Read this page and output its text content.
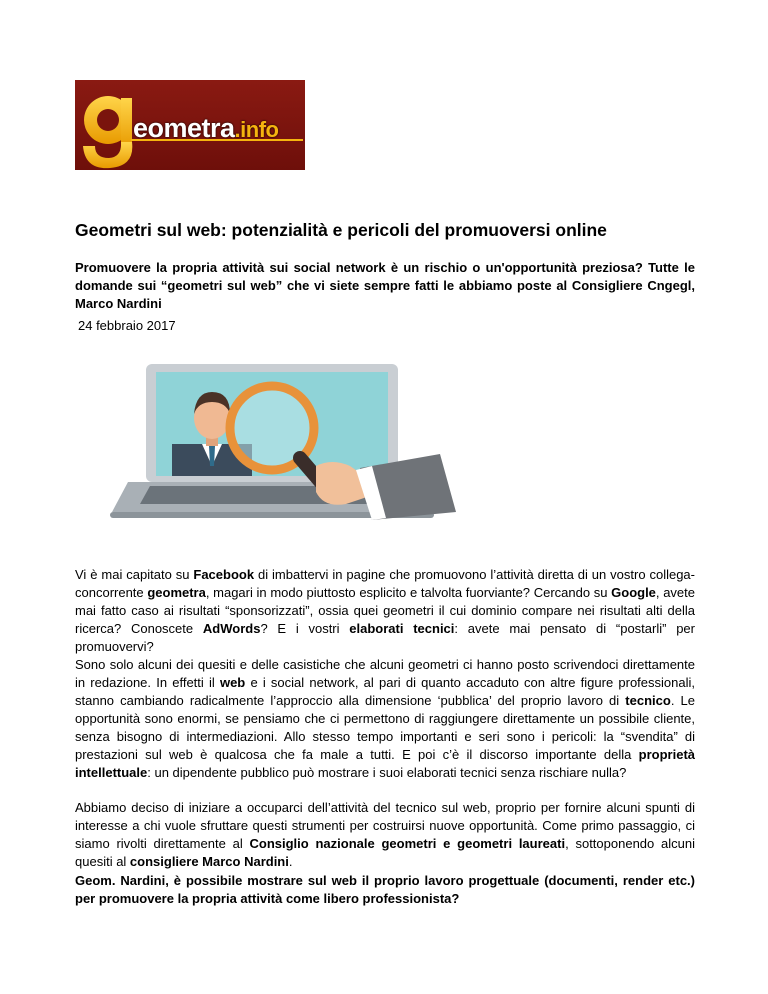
eometra.info
Geometri sul web: potenzialità e pericoli del promuoversi online

Promuovere la propria attività sui social network è un rischio o un'opportunità preziosa? Tutte le domande sui “geometri sul web” che vi siete sempre fatti le abbiamo poste al Consigliere Cngegl, Marco Nardini

24 febbraio 2017

Vi è mai capitato su Facebook di imbattervi in pagine che promuovono l’attività diretta di un vostro collega-concorrente geometra, magari in modo piuttosto esplicito e talvolta fuorviante? Cercando su Google, avete mai fatto caso ai risultati “sponsorizzati”, ossia quei geometri il cui dominio compare nei risultati alti della ricerca? Conoscete AdWords? E i vostri elaborati tecnici: avete mai pensato di “postarli” per promuovervi?

Sono solo alcuni dei quesiti e delle casistiche che alcuni geometri ci hanno posto scrivendoci direttamente in redazione. In effetti il web e i social network, al pari di quanto accaduto con altre figure professionali, stanno cambiando radicalmente l’approccio alla dimensione ‘pubblica’ del proprio lavoro di tecnico. Le opportunità sono enormi, se pensiamo che ci permettono di raggiungere direttamente un possibile cliente, senza bisogno di intermediazioni. Allo stesso tempo importanti e seri sono i pericoli: la “svendita” di prestazioni sul web è qualcosa che fa male a tutti. E poi c’è il discorso importante della proprietà intellettuale: un dipendente pubblico può mostrare i suoi elaborati tecnici senza rischiare nulla?

Abbiamo deciso di iniziare a occuparci dell’attività del tecnico sul web, proprio per fornire alcuni spunti di interesse a chi vuole sfruttare questi strumenti per costruirsi nuove opportunità. Come primo passaggio, ci siamo rivolti direttamente al Consiglio nazionale geometri e geometri laureati, sottoponendo alcuni quesiti al consigliere Marco Nardini.

Geom. Nardini, è possibile mostrare sul web il proprio lavoro progettuale (documenti, render etc.) per promuovere la propria attività come libero professionista?
